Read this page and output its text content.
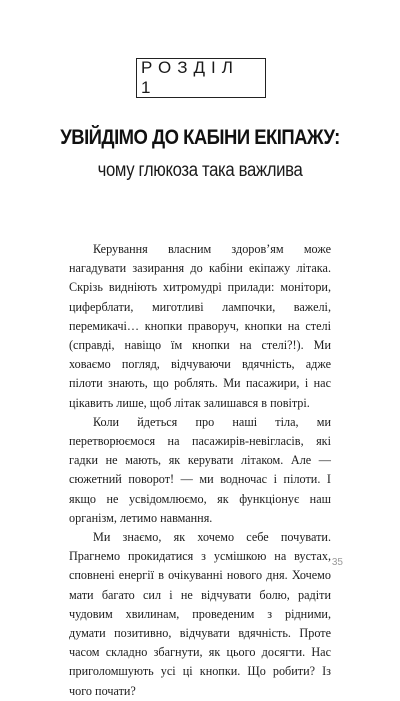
РОЗДІЛ 1
УВІЙДІМО ДО КАБІНИ ЕКІПАЖУ:
чому глюкоза така важлива

Керування власним здоров’ям може нагадувати зазирання до кабіни екіпажу літака. Скрізь видніють хитромудрі прилади: монітори, циферблати, миготливі лампочки, важелі, перемикачі… кнопки праворуч, кнопки на стелі (справді, навіщо їм кнопки на стелі?!). Ми ховаємо погляд, відчуваючи вдячність, адже пілоти знають, що роблять. Ми пасажири, і нас цікавить лише, щоб літак залишався в повітрі.

Коли йдеться про наші тіла, ми перетворюємося на пасажирів-невігласів, які гадки не мають, як керувати літаком. Але — сюжетний поворот! — ми водночас і пілоти. І якщо не усвідомлюємо, як функціонує наш організм, летимо навмання.

Ми знаємо, як хочемо себе почувати. Прагнемо прокидатися з усмішкою на вустах, сповнені енергії в очікуванні нового дня. Хочемо мати багато сил і не відчувати болю, радіти чудовим хвилинам, проведеним з рідними, думати позитивно, відчувати вдячність. Проте часом складно збагнути, як цього досягти. Нас приголомшують усі ці кнопки. Що робити? Із чого почати?

35
